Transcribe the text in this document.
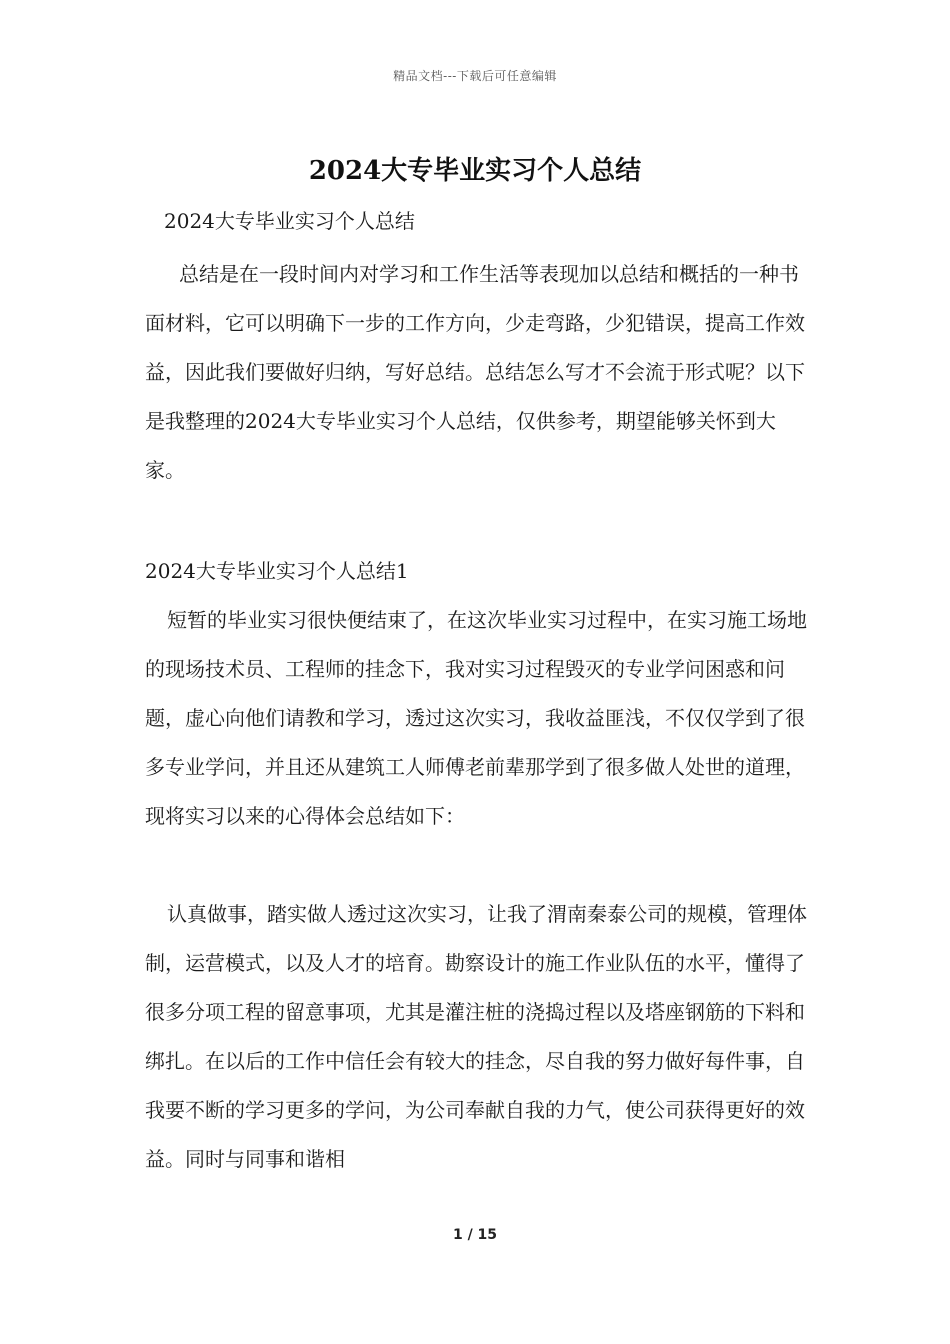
精品文档---下载后可任意编辑
2024大专毕业实习个人总结

2024大专毕业实习个人总结

总结是在一段时间内对学习和工作生活等表现加以总结和概括的一种书面材料，它可以明确下一步的工作方向，少走弯路，少犯错误，提高工作效益，因此我们要做好归纳，写好总结。总结怎么写才不会流于形式呢？以下是我整理的2024大专毕业实习个人总结，仅供参考，期望能够关怀到大家。

2024大专毕业实习个人总结1

短暂的毕业实习很快便结束了，在这次毕业实习过程中，在实习施工场地的现场技术员、工程师的挂念下，我对实习过程毁灭的专业学问困惑和问题，虚心向他们请教和学习，透过这次实习，我收益匪浅，不仅仅学到了很多专业学问，并且还从建筑工人师傅老前辈那学到了很多做人处世的道理，现将实习以来的心得体会总结如下：

认真做事，踏实做人透过这次实习，让我了渭南秦泰公司的规模，管理体制，运营模式，以及人才的培育。勘察设计的施工作业队伍的水平，懂得了很多分项工程的留意事项，尤其是灌注桩的浇捣过程以及塔座钢筋的下料和绑扎。在以后的工作中信任会有较大的挂念，尽自我的努力做好每件事，自我要不断的学习更多的学问，为公司奉献自我的力气，使公司获得更好的效益。同时与同事和谐相

1 / 15
